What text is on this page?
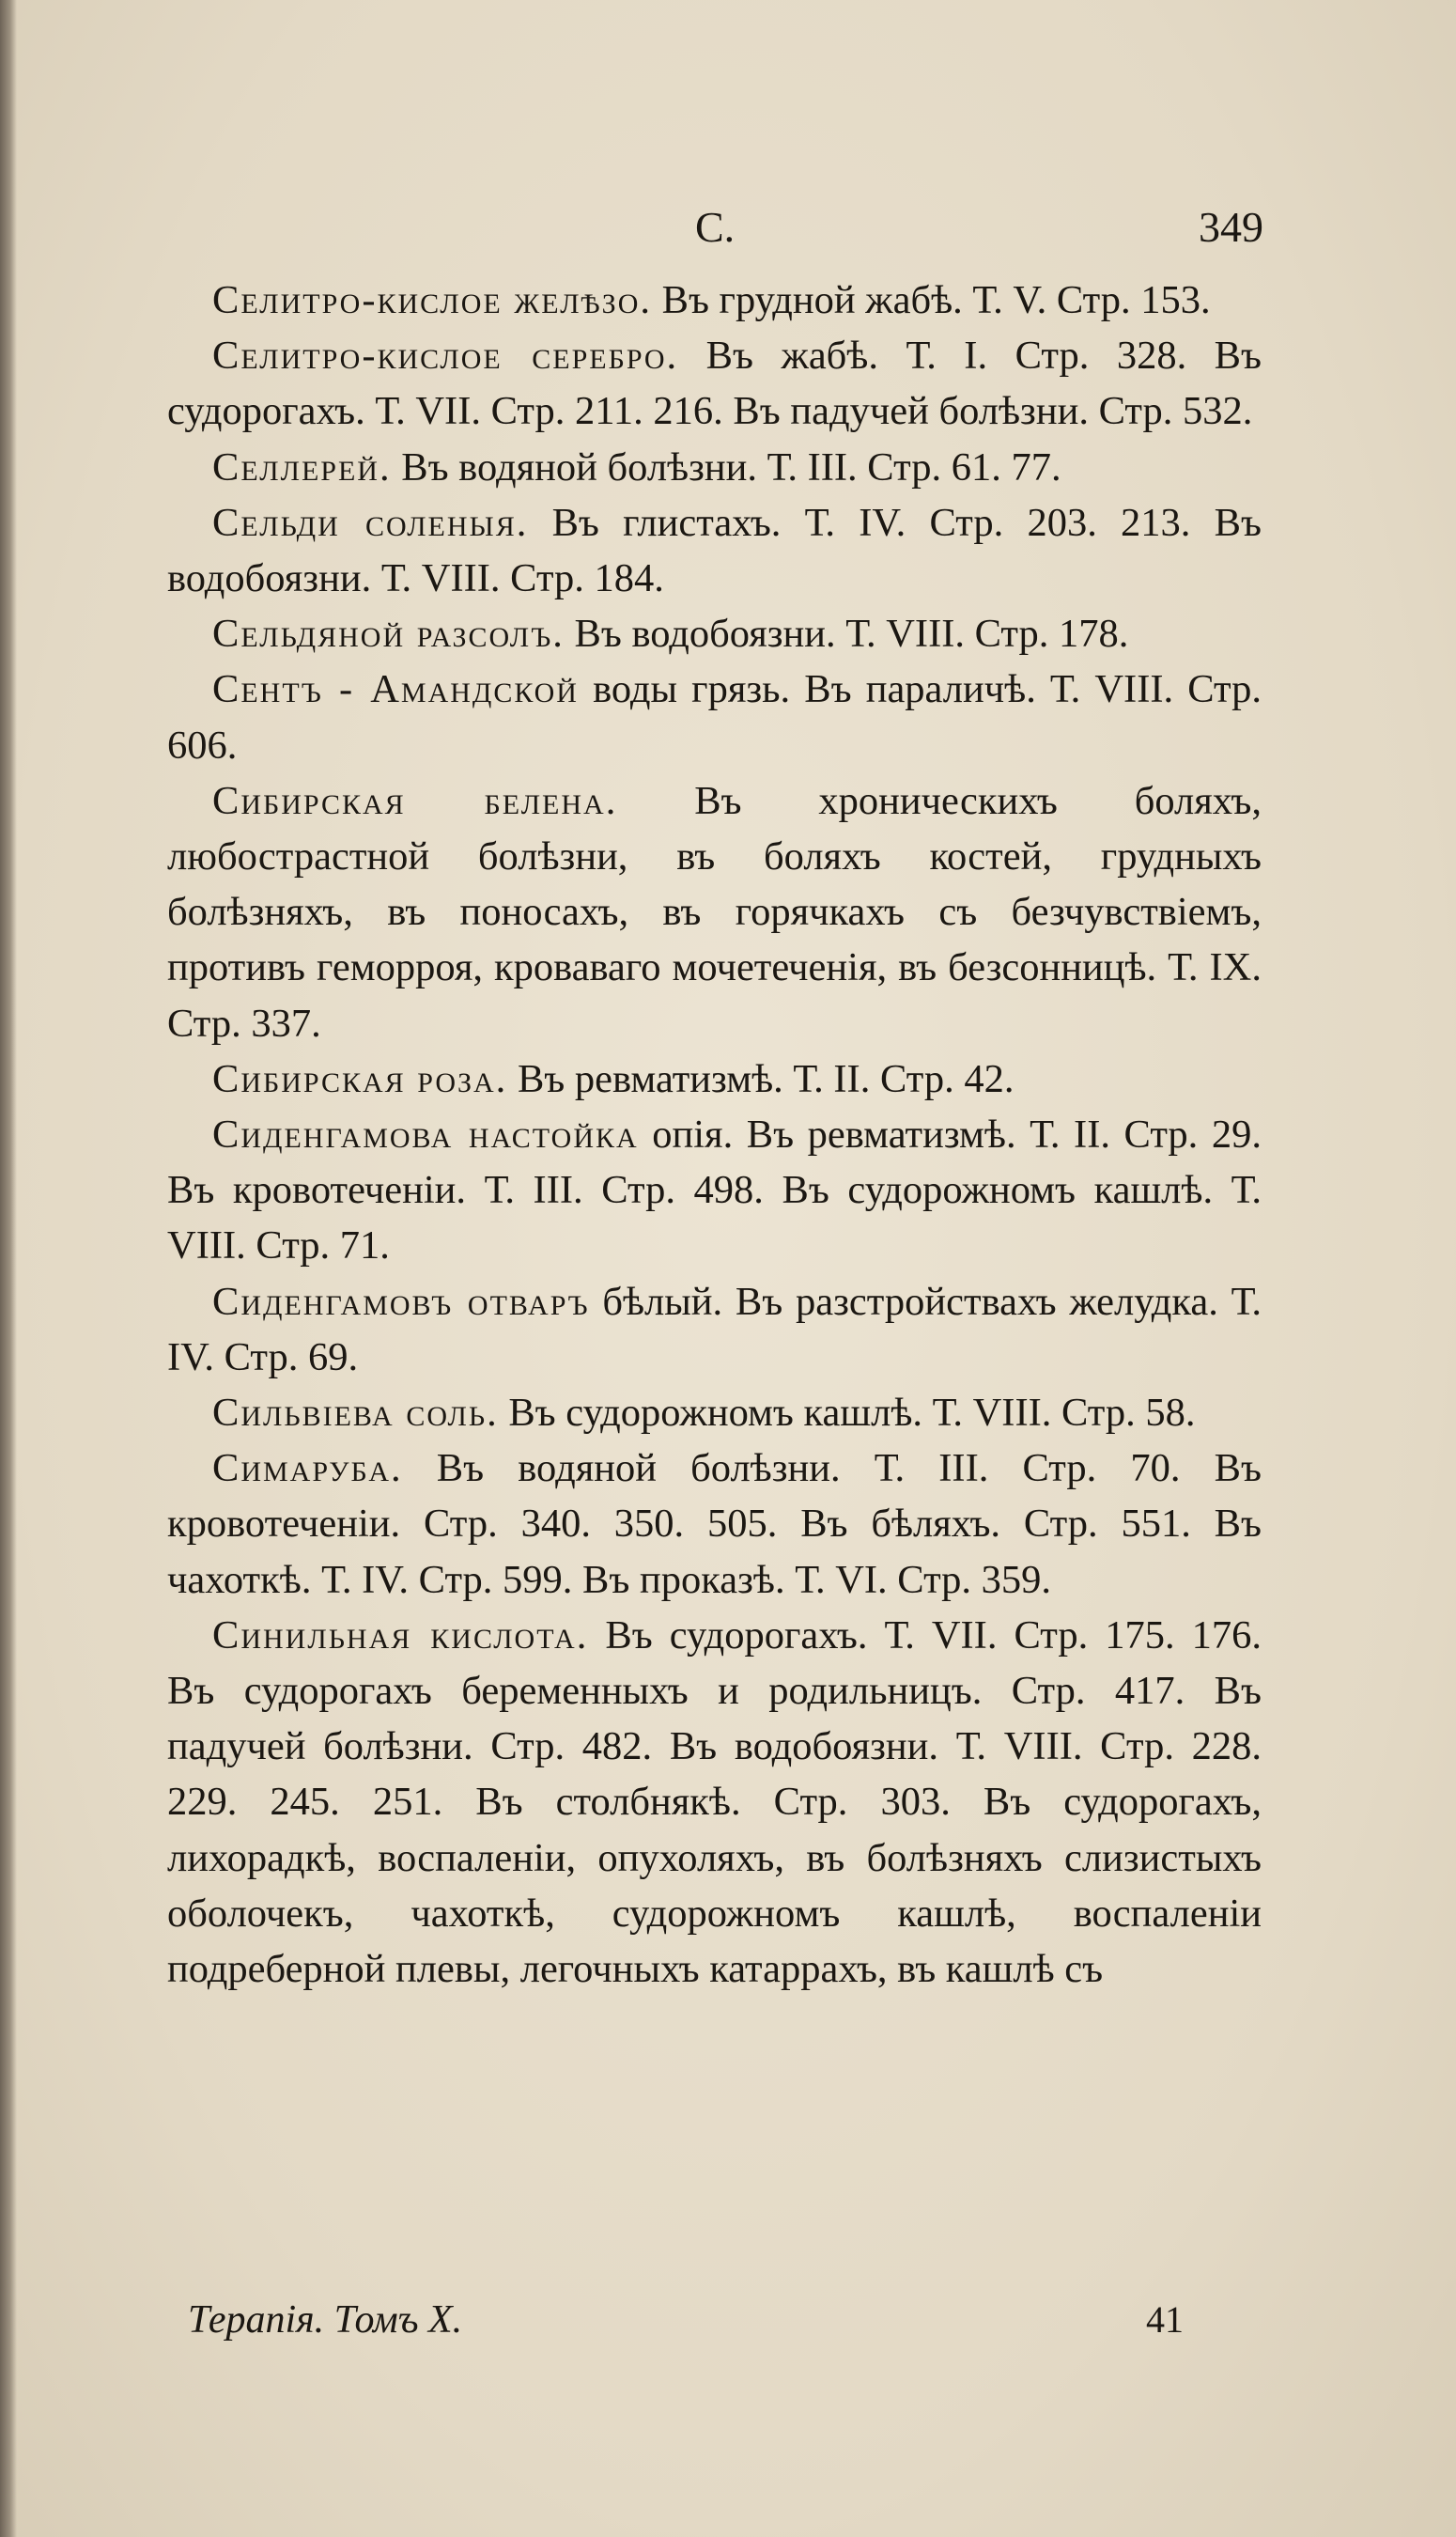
С.	349

Селитро-кислое желѣзо. Въ грудной жабѣ. Т. V. Стр. 153.

Селитро-кислое серебро. Въ жабѣ. Т. I. Стр. 328. Въ судорогахъ. Т. VII. Стр. 211. 216. Въ падучей болѣзни. Стр. 532.

Селлерей. Въ водяной болѣзни. Т. III. Стр. 61. 77.

Сельди соленыя. Въ глистахъ. Т. IV. Стр. 203. 213. Въ водобоязни. Т. VIII. Стр. 184.

Сельдяной разсолъ. Въ водобоязни. Т. VIII. Стр. 178.

Сентъ - Амандской воды грязь. Въ параличѣ. Т. VIII. Стр. 606.

Сибирская белена. Въ хроническихъ боляхъ, любострастной болѣзни, въ боляхъ костей, грудныхъ болѣзняхъ, въ поносахъ, въ горячкахъ съ безчувствіемъ, противъ геморроя, кроваваго мочетеченія, въ безсонницѣ. Т. IX. Стр. 337.

Сибирская роза. Въ ревматизмѣ. Т. II. Стр. 42.

Сиденгамова настойка опія. Въ ревматизмѣ. Т. II. Стр. 29. Въ кровотеченіи. Т. III. Стр. 498. Въ судорожномъ кашлѣ. Т. VIII. Стр. 71.

Сиденгамовъ отваръ бѣлый. Въ разстройствахъ желудка. Т. IV. Стр. 69.

Сильвіева соль. Въ судорожномъ кашлѣ. Т. VIII. Стр. 58.

Симаруба. Въ водяной болѣзни. Т. III. Стр. 70. Въ кровотеченіи. Стр. 340. 350. 505. Въ бѣляхъ. Стр. 551. Въ чахоткѣ. Т. IV. Стр. 599. Въ проказѣ. Т. VI. Стр. 359.

Синильная кислота. Въ судорогахъ. Т. VII. Стр. 175. 176. Въ судорогахъ беременныхъ и родильницъ. Стр. 417. Въ падучей болѣзни. Стр. 482. Въ водобоязни. Т. VIII. Стр. 228. 229. 245. 251. Въ столбнякѣ. Стр. 303. Въ судорогахъ, лихорадкѣ, воспаленіи, опухоляхъ, въ болѣзняхъ слизистыхъ оболочекъ, чахоткѣ, судорожномъ кашлѣ, воспаленіи подреберной плевы, легочныхъ катаррахъ, въ кашлѣ съ

Терапія. Томъ X.	41
